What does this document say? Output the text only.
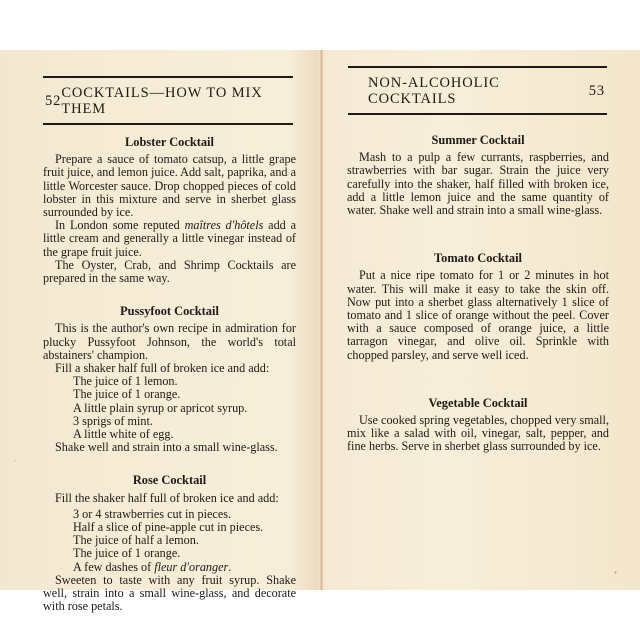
52 COCKTAILS—HOW TO MIX THEM
Lobster Cocktail

Prepare a sauce of tomato catsup, a little grape fruit juice, and lemon juice. Add salt, paprika, and a little Worcester sauce. Drop chopped pieces of cold lobster in this mixture and serve in sherbet glass surrounded by ice.

In London some reputed maîtres d'hôtels add a little cream and generally a little vinegar instead of the grape fruit juice.

The Oyster, Crab, and Shrimp Cocktails are prepared in the same way.

Pussyfoot Cocktail

This is the author's own recipe in admiration for plucky Pussyfoot Johnson, the world's total abstainers' champion.

Fill a shaker half full of broken ice and add:

The juice of 1 lemon.
The juice of 1 orange.
A little plain syrup or apricot syrup.
3 sprigs of mint.
A little white of egg.

Shake well and strain into a small wine-glass.

Rose Cocktail

Fill the shaker half full of broken ice and add:

3 or 4 strawberries cut in pieces.
Half a slice of pine-apple cut in pieces.
The juice of half a lemon.
The juice of 1 orange.
A few dashes of fleur d'oranger.

Sweeten to taste with any fruit syrup. Shake well, strain into a small wine-glass, and decorate with rose petals.

ˋ
NON-ALCOHOLIC COCKTAILS	53
Summer Cocktail

Mash to a pulp a few currants, raspberries, and strawberries with bar sugar. Strain the juice very carefully into the shaker, half filled with broken ice, add a little lemon juice and the same quantity of water. Shake well and strain into a small wine-glass.

Tomato Cocktail

Put a nice ripe tomato for 1 or 2 minutes in hot water. This will make it easy to take the skin off. Now put into a sherbet glass alternatively 1 slice of tomato and 1 slice of orange without the peel. Cover with a sauce composed of orange juice, a little tarragon vinegar, and olive oil. Sprinkle with chopped parsley, and serve well iced.

Vegetable Cocktail

Use cooked spring vegetables, chopped very small, mix like a salad with oil, vinegar, salt, pepper, and fine herbs. Serve in sherbet glass surrounded by ice.

⁺
